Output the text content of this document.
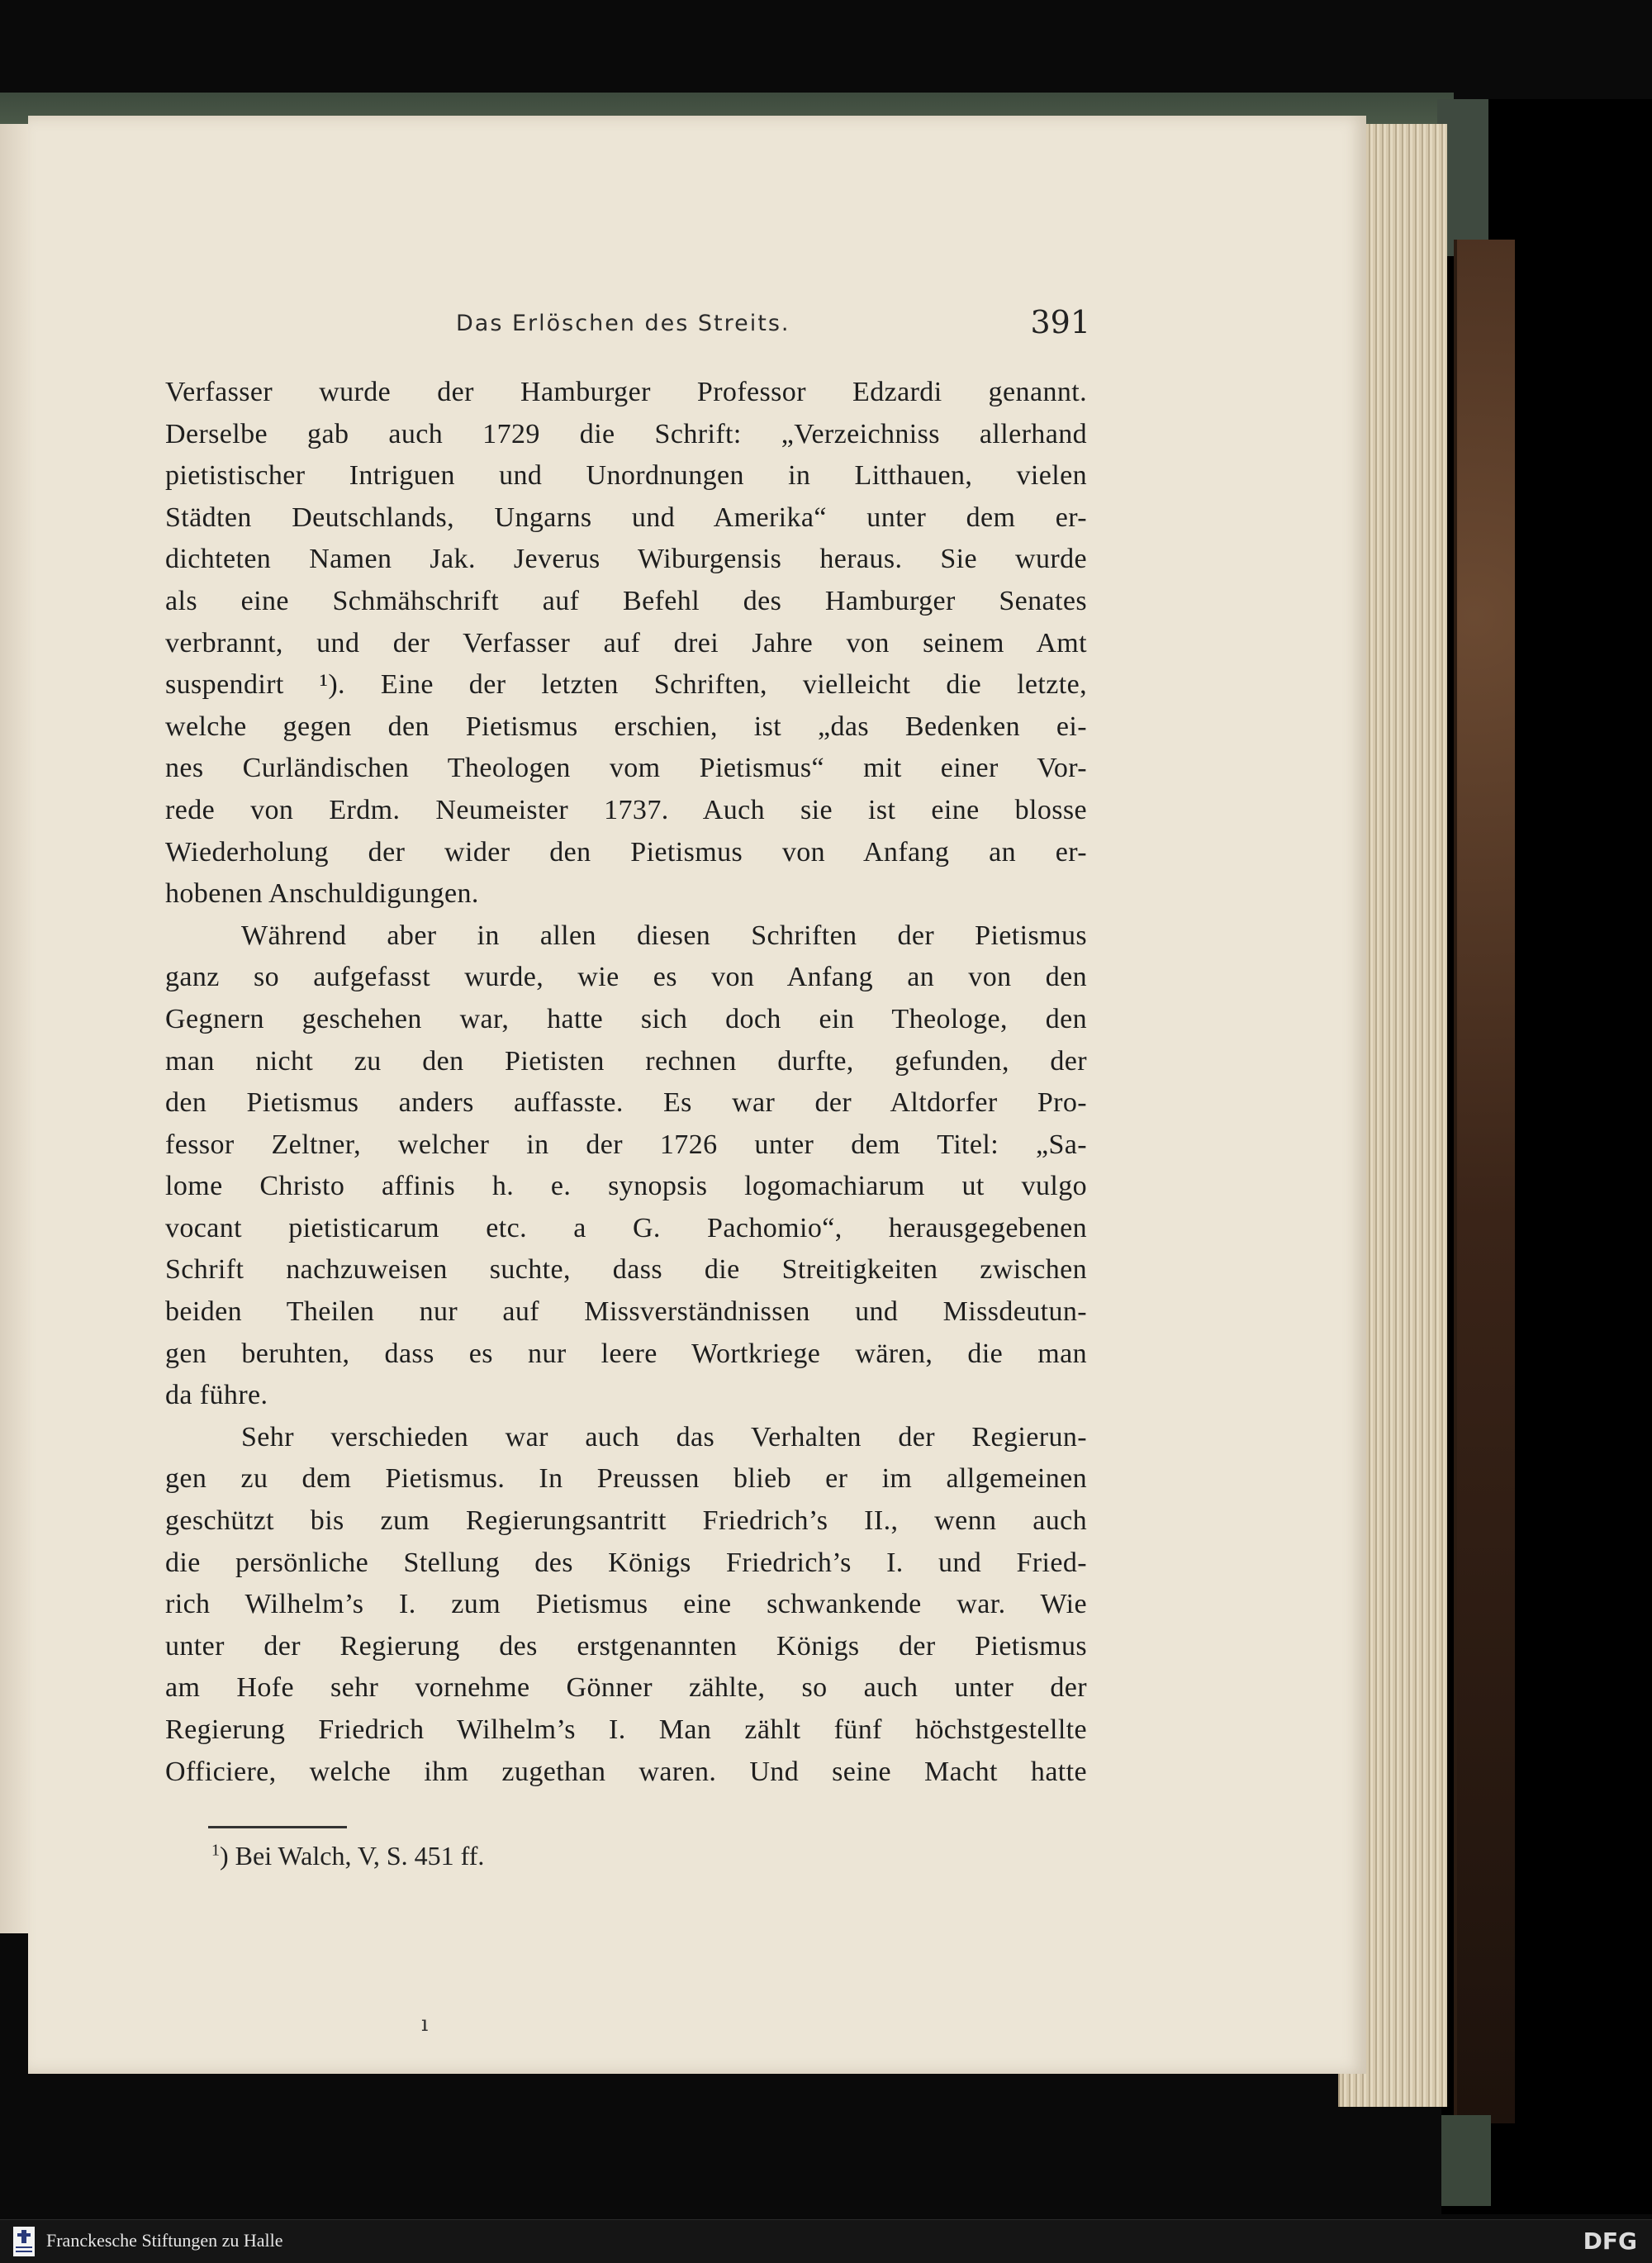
Das Erlöschen des Streits.	391
Verfasser wurde der Hamburger Professor Edzardi genannt.
Derselbe gab auch 1729 die Schrift: „Verzeichniss allerhand
pietistischer Intriguen und Unordnungen in Litthauen, vielen
Städten Deutschlands, Ungarns und Amerika“ unter dem er-
dichteten Namen Jak. Jeverus Wiburgensis heraus. Sie wurde
als eine Schmähschrift auf Befehl des Hamburger Senates
verbrannt, und der Verfasser auf drei Jahre von seinem Amt
suspendirt ¹). Eine der letzten Schriften, vielleicht die letzte,
welche gegen den Pietismus erschien, ist „das Bedenken ei-
nes Curländischen Theologen vom Pietismus“ mit einer Vor-
rede von Erdm. Neumeister 1737. Auch sie ist eine blosse
Wiederholung der wider den Pietismus von Anfang an er-
hobenen Anschuldigungen.
Während aber in allen diesen Schriften der Pietismus
ganz so aufgefasst wurde, wie es von Anfang an von den
Gegnern geschehen war, hatte sich doch ein Theologe, den
man nicht zu den Pietisten rechnen durfte, gefunden, der
den Pietismus anders auffasste. Es war der Altdorfer Pro-
fessor Zeltner, welcher in der 1726 unter dem Titel: „Sa-
lome Christo affinis h. e. synopsis logomachiarum ut vulgo
vocant pietisticarum etc. a G. Pachomio“, herausgegebenen
Schrift nachzuweisen suchte, dass die Streitigkeiten zwischen
beiden Theilen nur auf Missverständnissen und Missdeutun-
gen beruhten, dass es nur leere Wortkriege wären, die man
da führe.
Sehr verschieden war auch das Verhalten der Regierun-
gen zu dem Pietismus. In Preussen blieb er im allgemeinen
geschützt bis zum Regierungsantritt Friedrich’s II., wenn auch
die persönliche Stellung des Königs Friedrich’s I. und Fried-
rich Wilhelm’s I. zum Pietismus eine schwankende war. Wie
unter der Regierung des erstgenannten Königs der Pietismus
am Hofe sehr vornehme Gönner zählte, so auch unter der
Regierung Friedrich Wilhelm’s I. Man zählt fünf höchstgestellte
Officiere, welche ihm zugethan waren. Und seine Macht hatte
$^1$) Bei Walch, V, S. 451 ff.
ı
Franckesche Stiftungen zu Halle	DFG
